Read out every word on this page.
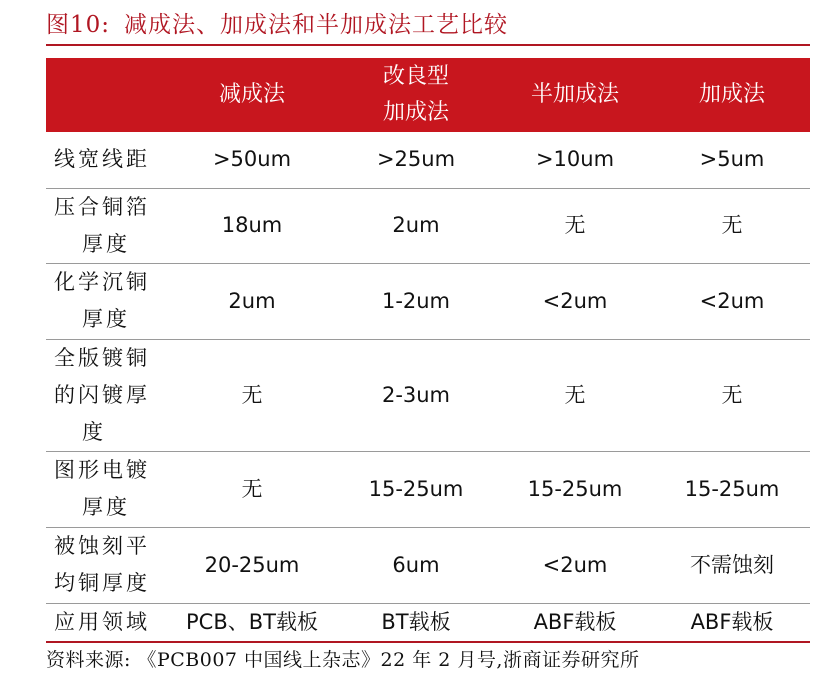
图10: 减成法、加成法和半加成法工艺比较

	减成法	改良型
加成法	半加成法	加成法

线宽线距	>50um	>25um	>10um	>5um

压合铜箔
厚度	18um	2um	无	无

化学沉铜
厚度	2um	1-2um	<2um	<2um

全版镀铜
的闪镀厚
度	无	2-3um	无	无

图形电镀
厚度	无	15-25um	15-25um	15-25um

被蚀刻平
均铜厚度	20-25um	6um	<2um	不需蚀刻

应用领域	PCB、BT载板	BT载板	ABF载板	ABF载板
资料来源: 《PCB007 中国线上杂志》22 年 2 月号,浙商证券研究所
